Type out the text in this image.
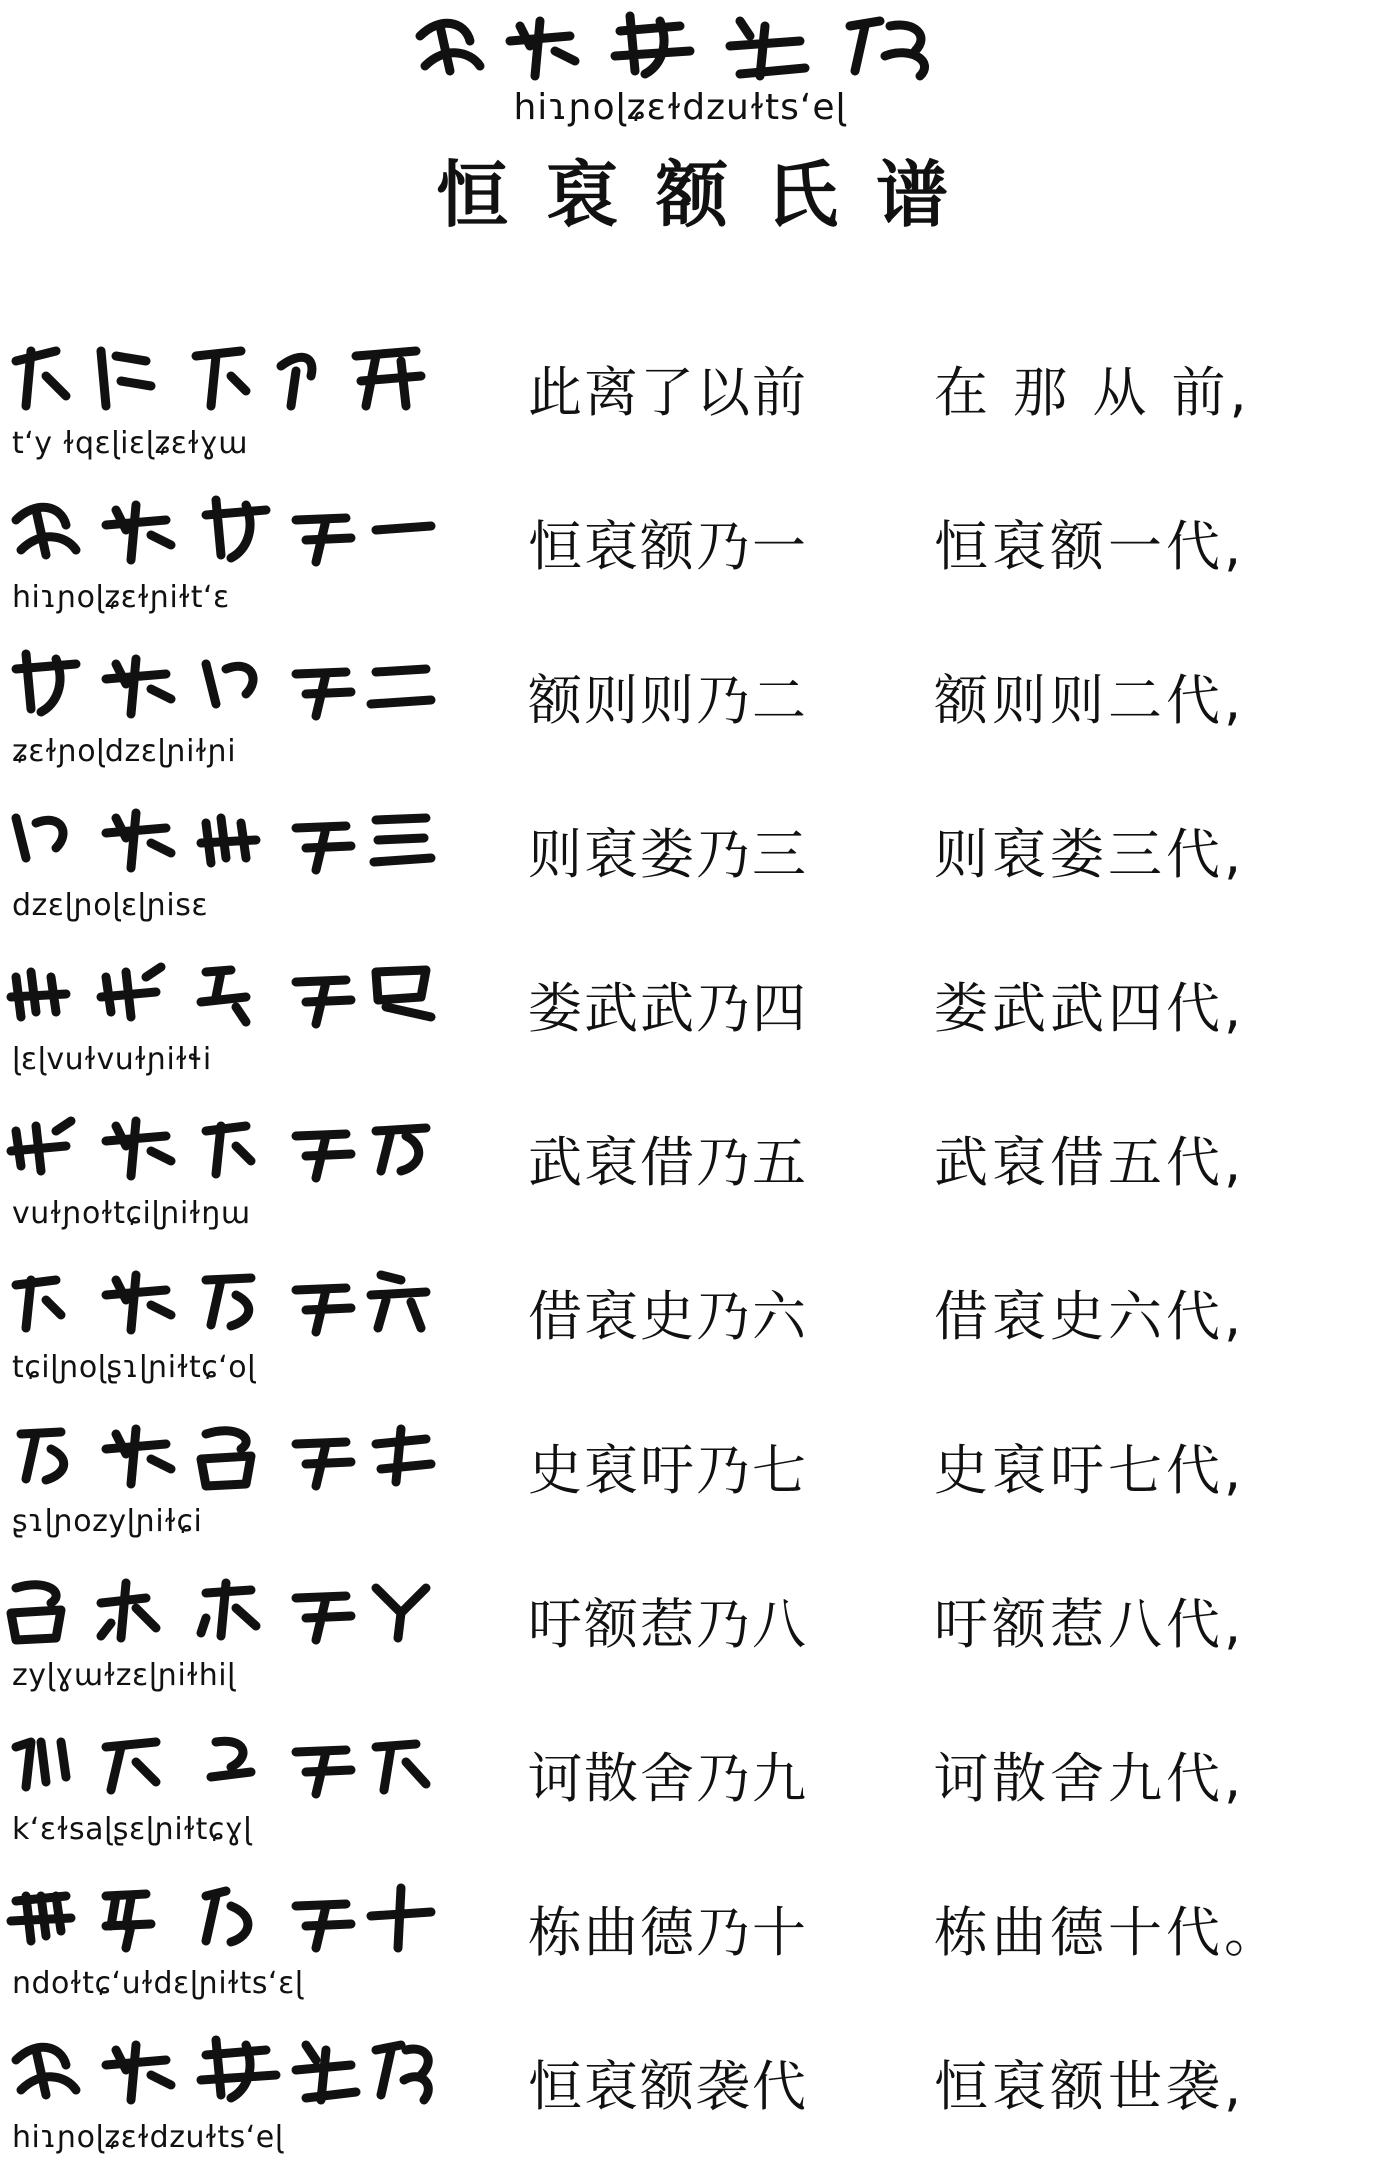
hiɿɲoɭʑɛɫdzuɫtsʻeɭ
恒裒额氏谱
tʻy ɫqɛɭiɛɭʑɛɫɣɯ
此离了以前	在 那 从 前,
hiɿɲoɭʑɛɫɲiɫtʻɛ
恒裒额乃一	恒裒额一代,
ʑɛɫɲoɭdzɛɭɲiɫɲi
额则则乃二	额则则二代,
dzɛɭɲoɭɛɭɲisɛ
则裒娄乃三	则裒娄三代,
ɭɛɭvuɫvuɫɲiɫɬi
娄武武乃四	娄武武四代,
vuɫɲoɫtɕiɭɲiɫŋɯ
武裒借乃五	武裒借五代,
tɕiɭɲoɭʂɿɭɲiɫtɕʻoɭ
借裒史乃六	借裒史六代,
ʂɿɭɲozyɭɲiɫɕi
史裒吁乃七	史裒吁七代,
zyɭɣɯɫzɛɭɲiɫhiɭ
吁额惹乃八	吁额惹八代,
kʻɛɫsaɭʂɛɭɲiɫtɕɣɭ
诃散舍乃九	诃散舍九代,
ndoɫtɕʻuɫdɛɭɲiɫtsʻɛɭ
栋曲德乃十	栋曲德十代。
hiɿɲoɭʑɛɫdzuɫtsʻeɭ
恒裒额袭代	恒裒额世袭,
